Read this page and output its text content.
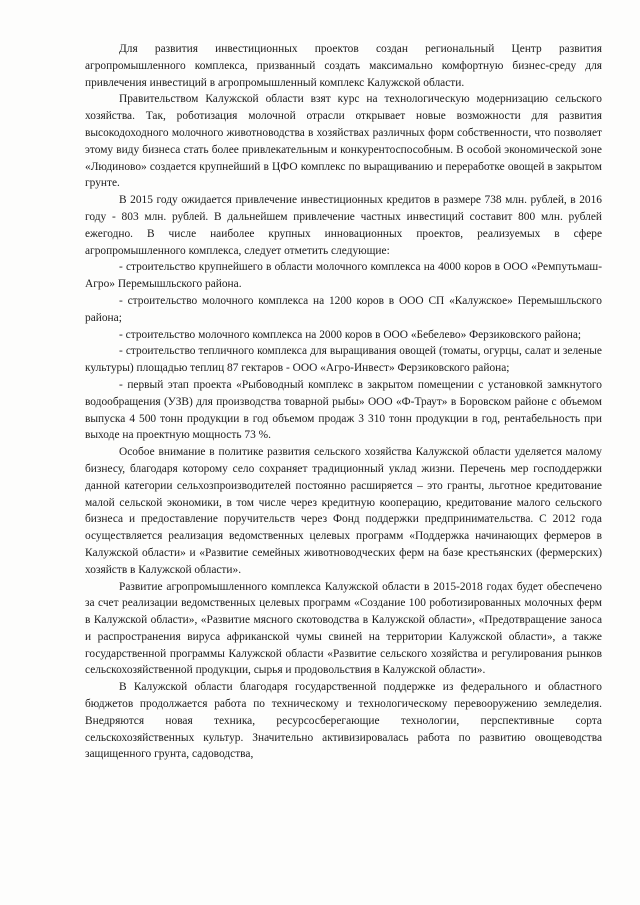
Для развития инвестиционных проектов создан региональный Центр развития агропромышленного комплекса, призванный создать максимально комфортную бизнес-среду для привлечения инвестиций в агропромышленный комплекс Калужской области.

Правительством Калужской области взят курс на технологическую модернизацию сельского хозяйства. Так, роботизация молочной отрасли открывает новые возможности для развития высокодоходного молочного животноводства в хозяйствах различных форм собственности, что позволяет этому виду бизнеса стать более привлекательным и конкурентоспособным. В особой экономической зоне «Людиново» создается крупнейший в ЦФО комплекс по выращиванию и переработке овощей в закрытом грунте.

В 2015 году ожидается привлечение инвестиционных кредитов в размере 738 млн. рублей, в 2016 году - 803 млн. рублей. В дальнейшем привлечение частных инвестиций составит 800 млн. рублей ежегодно. В числе наиболее крупных инновационных проектов, реализуемых в сфере агропромышленного комплекса, следует отметить следующие:

- строительство крупнейшего в области молочного комплекса на 4000 коров в ООО «Ремпутьмаш-Агро» Перемышльского района.

- строительство молочного комплекса на 1200 коров в ООО СП «Калужское» Перемышльского района;

- строительство молочного комплекса на 2000 коров в ООО «Бебелево» Ферзиковского района;

- строительство тепличного комплекса для выращивания овощей (томаты, огурцы, салат и зеленые культуры) площадью теплиц 87 гектаров - ООО «Агро-Инвест» Ферзиковского района;

- первый этап проекта «Рыбоводный комплекс в закрытом помещении с установкой замкнутого водообращения (УЗВ) для производства товарной рыбы» ООО «Ф-Траут» в Боровском районе с объемом выпуска 4 500 тонн продукции в год объемом продаж 3 310 тонн продукции в год, рентабельность при выходе на проектную мощность 73 %.

Особое внимание в политике развития сельского хозяйства Калужской области уделяется малому бизнесу, благодаря которому село сохраняет традиционный уклад жизни. Перечень мер господдержки данной категории сельхозпроизводителей постоянно расширяется – это гранты, льготное кредитование малой сельской экономики, в том числе через кредитную кооперацию, кредитование малого сельского бизнеса и предоставление поручительств через Фонд поддержки предпринимательства. С 2012 года осуществляется реализация ведомственных целевых программ «Поддержка начинающих фермеров в Калужской области» и «Развитие семейных животноводческих ферм на базе крестьянских (фермерских) хозяйств в Калужской области».

Развитие агропромышленного комплекса Калужской области в 2015-2018 годах будет обеспечено за счет реализации ведомственных целевых программ «Создание 100 роботизированных молочных ферм в Калужской области», «Развитие мясного скотоводства в Калужской области», «Предотвращение заноса и распространения вируса африканской чумы свиней на территории Калужской области», а также государственной программы Калужской области «Развитие сельского хозяйства и регулирования рынков сельскохозяйственной продукции, сырья и продовольствия в Калужской области».

В Калужской области благодаря государственной поддержке из федерального и областного бюджетов продолжается работа по техническому и технологическому перевооружению земледелия. Внедряются новая техника, ресурсосберегающие технологии, перспективные сорта сельскохозяйственных культур. Значительно активизировалась работа по развитию овощеводства защищенного грунта, садоводства,
